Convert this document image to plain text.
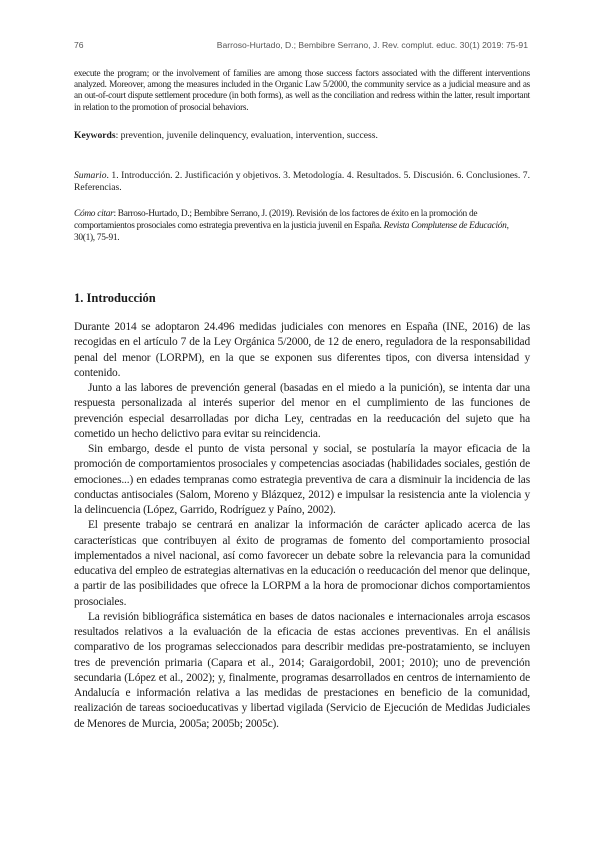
76	Barroso-Hurtado, D.; Bembibre Serrano, J. Rev. complut. educ. 30(1) 2019: 75-91
execute the program; or the involvement of families are among those success factors associated with the different interventions analyzed. Moreover, among the measures included in the Organic Law 5/2000, the community service as a judicial measure and as an out-of-court dispute settlement procedure (in both forms), as well as the conciliation and redress within the latter, result important in relation to the promotion of prosocial behaviors.
Keywords: prevention, juvenile delinquency, evaluation, intervention, success.
Sumario. 1. Introducción. 2. Justificación y objetivos. 3. Metodología. 4. Resultados. 5. Discusión. 6. Conclusiones. 7. Referencias.
Cómo citar: Barroso-Hurtado, D.; Bembibre Serrano, J. (2019). Revisión de los factores de éxito en la promoción de comportamientos prosociales como estrategia preventiva en la justicia juvenil en España. Revista Complutense de Educación, 30(1), 75-91.
1. Introducción

Durante 2014 se adoptaron 24.496 medidas judiciales con menores en España (INE, 2016) de las recogidas en el artículo 7 de la Ley Orgánica 5/2000, de 12 de enero, reguladora de la responsabilidad penal del menor (LORPM), en la que se exponen sus diferentes tipos, con diversa intensidad y contenido.

Junto a las labores de prevención general (basadas en el miedo a la punición), se intenta dar una respuesta personalizada al interés superior del menor en el cumplimiento de las funciones de prevención especial desarrolladas por dicha Ley, centradas en la reeducación del sujeto que ha cometido un hecho delictivo para evitar su reincidencia.

Sin embargo, desde el punto de vista personal y social, se postularía la mayor eficacia de la promoción de comportamientos prosociales y competencias asociadas (habilidades sociales, gestión de emociones...) en edades tempranas como estrategia preventiva de cara a disminuir la incidencia de las conductas antisociales (Salom, Moreno y Blázquez, 2012) e impulsar la resistencia ante la violencia y la delincuencia (López, Garrido, Rodríguez y Paíno, 2002).

El presente trabajo se centrará en analizar la información de carácter aplicado acerca de las características que contribuyen al éxito de programas de fomento del comportamiento prosocial implementados a nivel nacional, así como favorecer un debate sobre la relevancia para la comunidad educativa del empleo de estrategias alternativas en la educación o reeducación del menor que delinque, a partir de las posibilidades que ofrece la LORPM a la hora de promocionar dichos comportamientos prosociales.

La revisión bibliográfica sistemática en bases de datos nacionales e internacionales arroja escasos resultados relativos a la evaluación de la eficacia de estas acciones preventivas. En el análisis comparativo de los programas seleccionados para describir medidas pre-postratamiento, se incluyen tres de prevención primaria (Capara et al., 2014; Garaigordobil, 2001; 2010); uno de prevención secundaria (López et al., 2002); y, finalmente, programas desarrollados en centros de internamiento de Andalucía e información relativa a las medidas de prestaciones en beneficio de la comunidad, realización de tareas socioeducativas y libertad vigilada (Servicio de Ejecución de Medidas Judiciales de Menores de Murcia, 2005a; 2005b; 2005c).
